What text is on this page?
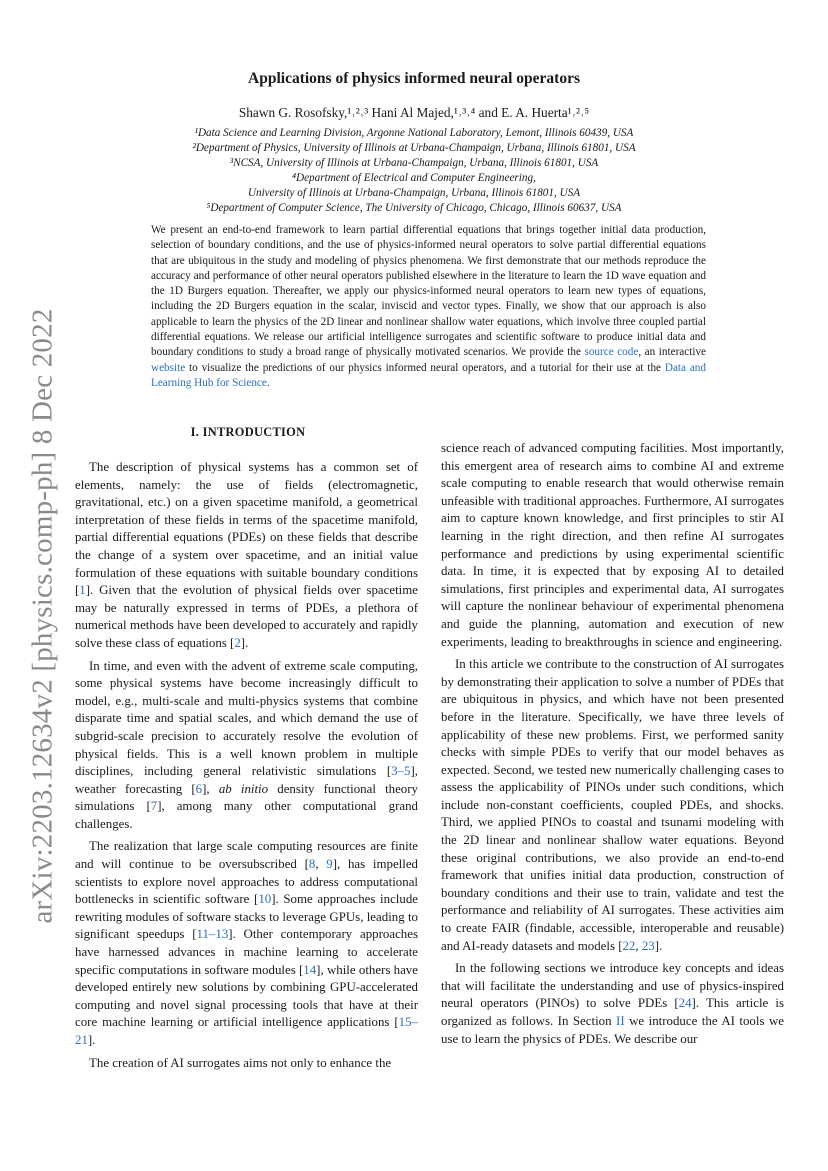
arXiv:2203.12634v2 [physics.comp-ph] 8 Dec 2022
Applications of physics informed neural operators
Shawn G. Rosofsky,¹˒²˒³ Hani Al Majed,¹˒³˒⁴ and E. A. Huerta¹˒²˒⁵
¹Data Science and Learning Division, Argonne National Laboratory, Lemont, Illinois 60439, USA
²Department of Physics, University of Illinois at Urbana-Champaign, Urbana, Illinois 61801, USA
³NCSA, University of Illinois at Urbana-Champaign, Urbana, Illinois 61801, USA
⁴Department of Electrical and Computer Engineering,
University of Illinois at Urbana-Champaign, Urbana, Illinois 61801, USA
⁵Department of Computer Science, The University of Chicago, Chicago, Illinois 60637, USA
We present an end-to-end framework to learn partial differential equations that brings together initial data production, selection of boundary conditions, and the use of physics-informed neural operators to solve partial differential equations that are ubiquitous in the study and modeling of physics phenomena. We first demonstrate that our methods reproduce the accuracy and performance of other neural operators published elsewhere in the literature to learn the 1D wave equation and the 1D Burgers equation. Thereafter, we apply our physics-informed neural operators to learn new types of equations, including the 2D Burgers equation in the scalar, inviscid and vector types. Finally, we show that our approach is also applicable to learn the physics of the 2D linear and nonlinear shallow water equations, which involve three coupled partial differential equations. We release our artificial intelligence surrogates and scientific software to produce initial data and boundary conditions to study a broad range of physically motivated scenarios. We provide the source code, an interactive website to visualize the predictions of our physics informed neural operators, and a tutorial for their use at the Data and Learning Hub for Science.
I. INTRODUCTION

The description of physical systems has a common set of elements, namely: the use of fields (electromagnetic, gravitational, etc.) on a given spacetime manifold, a geometrical interpretation of these fields in terms of the spacetime manifold, partial differential equations (PDEs) on these fields that describe the change of a system over spacetime, and an initial value formulation of these equations with suitable boundary conditions [1]. Given that the evolution of physical fields over spacetime may be naturally expressed in terms of PDEs, a plethora of numerical methods have been developed to accurately and rapidly solve these class of equations [2].

In time, and even with the advent of extreme scale computing, some physical systems have become increasingly difficult to model, e.g., multi-scale and multi-physics systems that combine disparate time and spatial scales, and which demand the use of subgrid-scale precision to accurately resolve the evolution of physical fields. This is a well known problem in multiple disciplines, including general relativistic simulations [3–5], weather forecasting [6], ab initio density functional theory simulations [7], among many other computational grand challenges.

The realization that large scale computing resources are finite and will continue to be oversubscribed [8, 9], has impelled scientists to explore novel approaches to address computational bottlenecks in scientific software [10]. Some approaches include rewriting modules of software stacks to leverage GPUs, leading to significant speedups [11–13]. Other contemporary approaches have harnessed advances in machine learning to accelerate specific computations in software modules [14], while others have developed entirely new solutions by combining GPU-accelerated computing and novel signal processing tools that have at their core machine learning or artificial intelligence applications [15–21].

The creation of AI surrogates aims not only to enhance the

science reach of advanced computing facilities. Most importantly, this emergent area of research aims to combine AI and extreme scale computing to enable research that would otherwise remain unfeasible with traditional approaches. Furthermore, AI surrogates aim to capture known knowledge, and first principles to stir AI learning in the right direction, and then refine AI surrogates performance and predictions by using experimental scientific data. In time, it is expected that by exposing AI to detailed simulations, first principles and experimental data, AI surrogates will capture the nonlinear behaviour of experimental phenomena and guide the planning, automation and execution of new experiments, leading to breakthroughs in science and engineering.

In this article we contribute to the construction of AI surrogates by demonstrating their application to solve a number of PDEs that are ubiquitous in physics, and which have not been presented before in the literature. Specifically, we have three levels of applicability of these new problems. First, we performed sanity checks with simple PDEs to verify that our model behaves as expected. Second, we tested new numerically challenging cases to assess the applicability of PINOs under such conditions, which include non-constant coefficients, coupled PDEs, and shocks. Third, we applied PINOs to coastal and tsunami modeling with the 2D linear and nonlinear shallow water equations. Beyond these original contributions, we also provide an end-to-end framework that unifies initial data production, construction of boundary conditions and their use to train, validate and test the performance and reliability of AI surrogates. These activities aim to create FAIR (findable, accessible, interoperable and reusable) and AI-ready datasets and models [22, 23].

In the following sections we introduce key concepts and ideas that will facilitate the understanding and use of physics-inspired neural operators (PINOs) to solve PDEs [24]. This article is organized as follows. In Section II we introduce the AI tools we use to learn the physics of PDEs. We describe our
